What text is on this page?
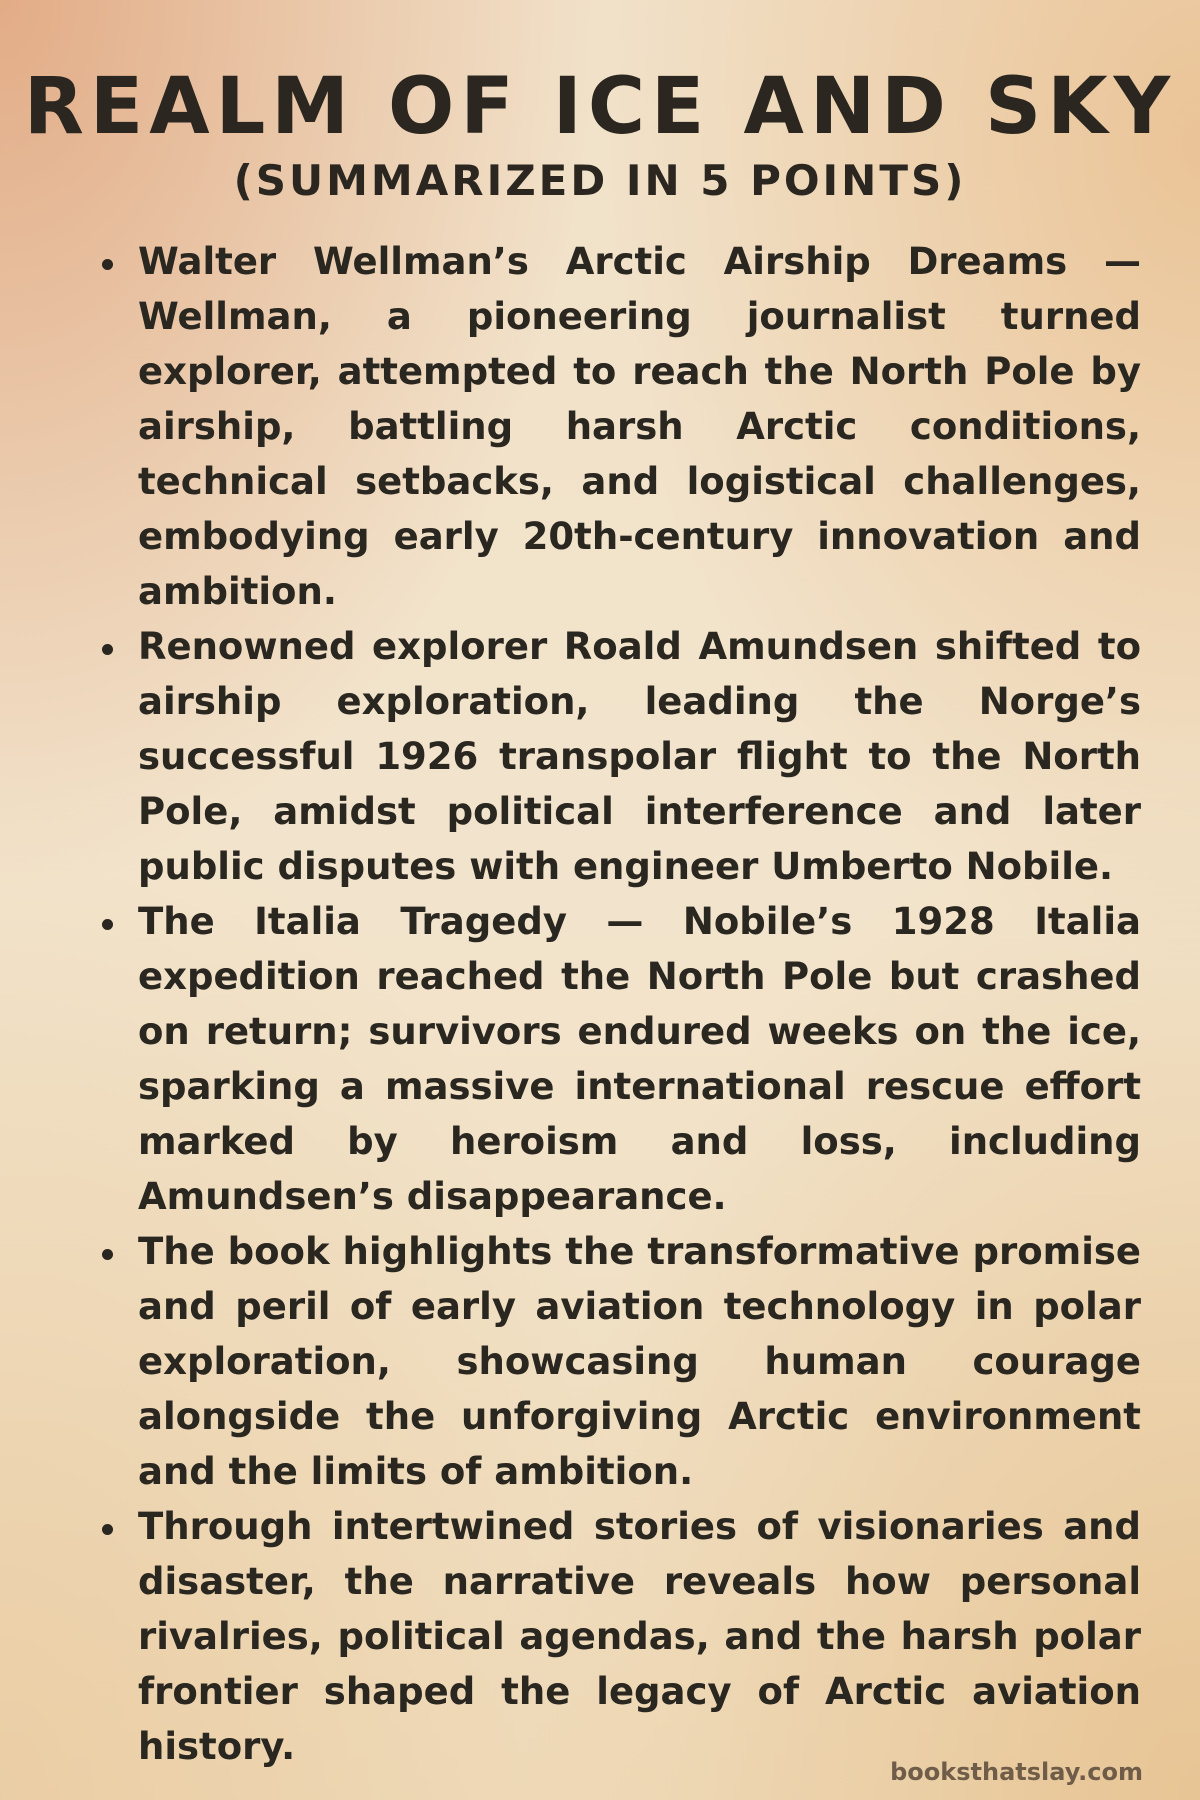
REALM OF ICE AND SKY
(SUMMARIZED IN 5 POINTS)
Walter Wellman’s Arctic Airship Dreams — Wellman, a pioneering journalist turned explorer, attempted to reach the North Pole by airship, battling harsh Arctic conditions, technical setbacks, and logistical challenges, embodying early 20th-century innovation and ambition.
Renowned explorer Roald Amundsen shifted to airship exploration, leading the Norge’s successful 1926 transpolar flight to the North Pole, amidst political interference and later public disputes with engineer Umberto Nobile.
The Italia Tragedy — Nobile’s 1928 Italia expedition reached the North Pole but crashed on return; survivors endured weeks on the ice, sparking a massive international rescue effort marked by heroism and loss, including Amundsen’s disappearance.
The book highlights the transformative promise and peril of early aviation technology in polar exploration, showcasing human courage alongside the unforgiving Arctic environment and the limits of ambition.
Through intertwined stories of visionaries and disaster, the narrative reveals how personal rivalries, political agendas, and the harsh polar frontier shaped the legacy of Arctic aviation history.
booksthatslay.com
